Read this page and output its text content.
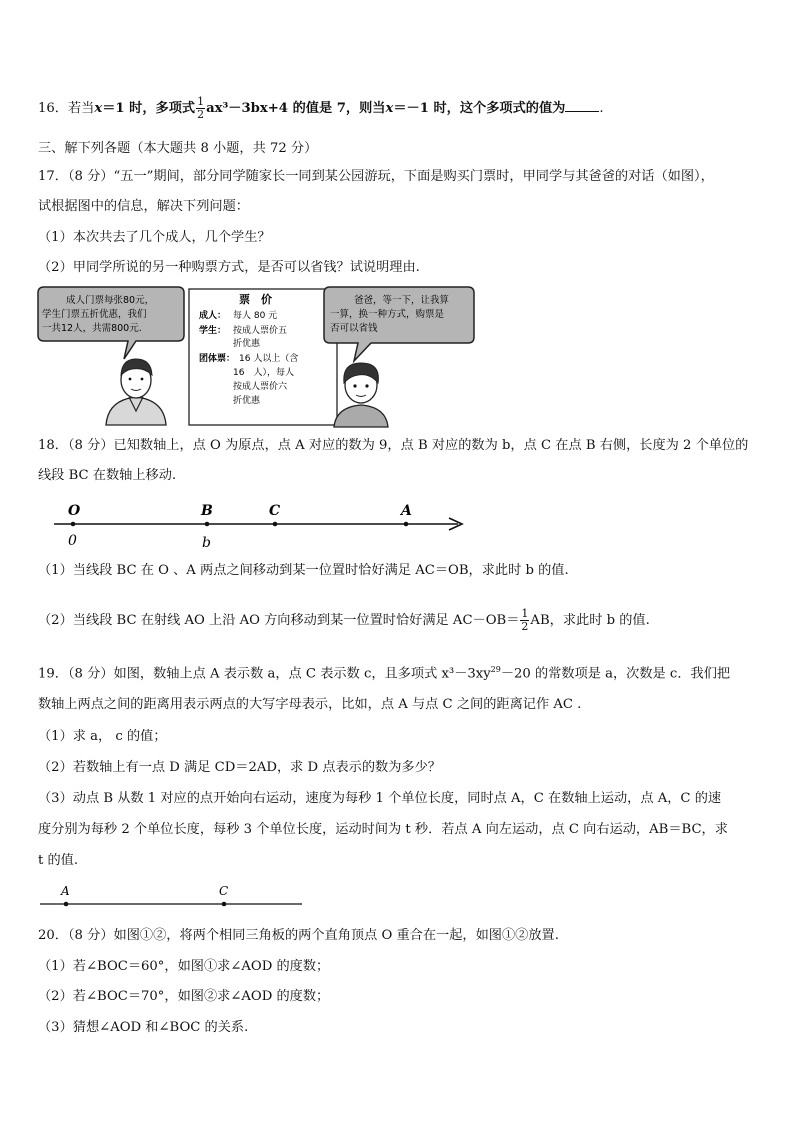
16．若当x＝1 时，多项式 $\frac{1}{2} ax^3-3bx+4$ 的值是 7，则当x＝－1 时，这个多项式的值为	.
三、解下列各题（本大题共 8 小题，共 72 分）
17．（8 分）“五一”期间，部分同学随家长一同到某公园游玩，下面是购买门票时，甲同学与其爸爸的对话（如图），
试根据图中的信息，解决下列问题：
（1）本次共去了几个成人，几个学生？
（2）甲同学所说的另一种购票方式，是否可以省钱？试说明理由.
成人门票每张80元，
学生门票五折优惠，我们
一共12人，共需800元.
票　价
成人： 每人 80 元
学生： 按成人票价五
折优惠
团体票： 16 人以上（含
16　人），每人
按成人票价六
折优惠
爸爸，等一下，让我算
一算，换一种方式，购票是
否可以省钱
18．（8 分）已知数轴上，点 O 为原点，点 A 对应的数为 9，点 B 对应的数为 b，点 C 在点 B 右侧，长度为 2 个单位的
线段 BC 在数轴上移动.
O	B	C	A
0	b
（1）当线段 BC 在 O 、A 两点之间移动到某一位置时恰好满足 AC＝OB，求此时 b 的值.
（2）当线段 BC 在射线 AO 上沿 AO 方向移动到某一位置时恰好满足 $AC-OB= \frac{1}{2}$ AB，求此时 b 的值.
19．（8 分）如图，数轴上点 A 表示数 a，点 C 表示数 c，且多项式 $x^3-3xy^{29}-20$ 的常数项是 a，次数是 c．我们把
数轴上两点之间的距离用表示两点的大写字母表示，比如，点 A 与点 C 之间的距离记作 AC .
（1）求 a， c 的值；
（2）若数轴上有一点 D 满足 CD＝2AD，求 D 点表示的数为多少？
（3）动点 B 从数 1 对应的点开始向右运动，速度为每秒 1 个单位长度，同时点 A，C 在数轴上运动，点 A，C 的速
度分别为每秒 2 个单位长度，每秒 3 个单位长度，运动时间为 t 秒．若点 A 向左运动，点 C 向右运动，AB＝BC，求
t 的值.
A	C
20．（8 分）如图①②，将两个相同三角板的两个直角顶点 O 重合在一起，如图①②放置.
（1）若∠BOC＝60°，如图①求∠AOD 的度数；
（2）若∠BOC＝70°，如图②求∠AOD 的度数；
（3）猜想∠AOD 和∠BOC 的关系.
